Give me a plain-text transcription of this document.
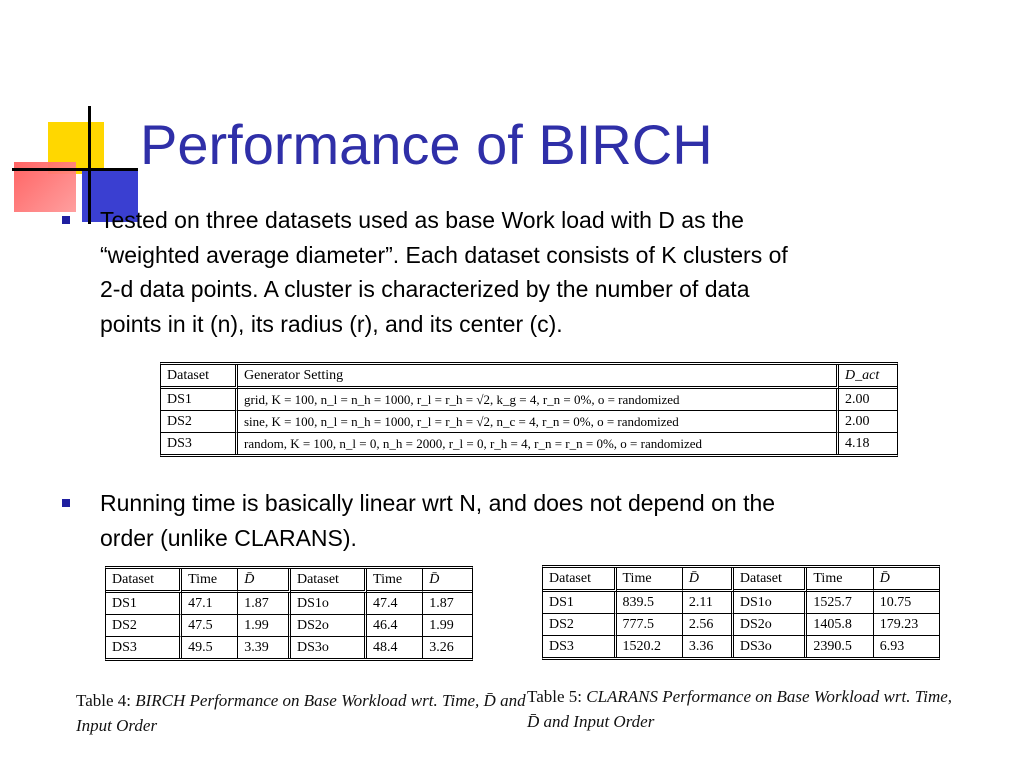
Performance of BIRCH
Tested on three datasets used as base Work load with D as the
“weighted average diameter”. Each dataset consists of K clusters of
2-d data points. A cluster is characterized by the number of data
points in it (n), its radius (r), and its center (c).
Dataset	Generator Setting	D_act
DS1	grid, K = 100, n_l = n_h = 1000, r_l = r_h = √2, k_g = 4, r_n = 0%, o = randomized	2.00
DS2	sine, K = 100, n_l = n_h = 1000, r_l = r_h = √2, n_c = 4, r_n = 0%, o = randomized	2.00
DS3	random, K = 100, n_l = 0, n_h = 2000, r_l = 0, r_h = 4, r_n = r_n = 0%, o = randomized	4.18
Running time is basically linear wrt N, and does not depend on the
order (unlike CLARANS).
Dataset	Time	D̄	Dataset	Time	D̄
DS1	47.1	1.87	DS1o	47.4	1.87
DS2	47.5	1.99	DS2o	46.4	1.99
DS3	49.5	3.39	DS3o	48.4	3.26
Dataset	Time	D̄	Dataset	Time	D̄
DS1	839.5	2.11	DS1o	1525.7	10.75
DS2	777.5	2.56	DS2o	1405.8	179.23
DS3	1520.2	3.36	DS3o	2390.5	6.93
Table 4: BIRCH Performance on Base Workload wrt. Time, D̄ and Input Order
Table 5: CLARANS Performance on Base Workload wrt. Time, D̄ and Input Order
